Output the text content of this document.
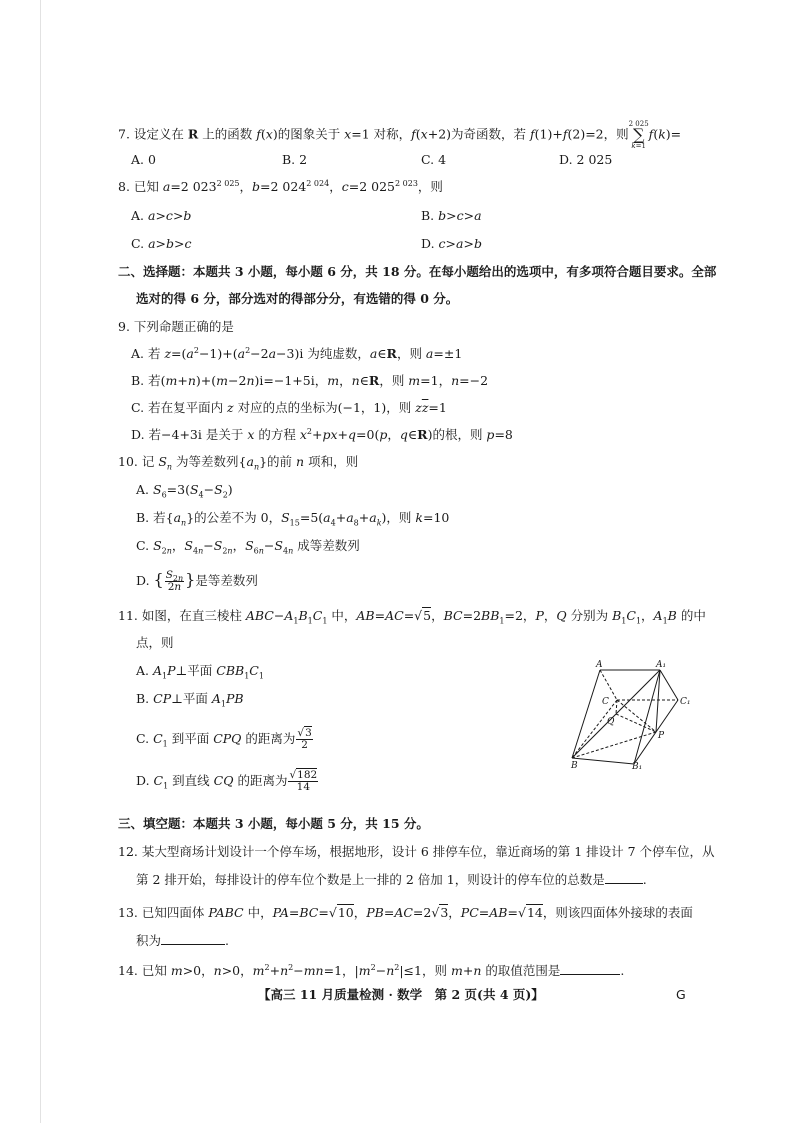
7. 设定义在 R 上的函数 f(x)的图象关于 x=1 对称，f(x+2)为奇函数，若 f(1)+f(2)=2，则2 025
∑
k=1f(k)=
A. 0	B. 2	C. 4	D. 2 025
8. 已知 a=2 $023^{2 025}$，b=2 $024^{2 024}$，c=2 $025^{2 023}$，则
A. a>c>b	B. b>c>a
C. a>b>c	D. c>a>b
二、选择题：本题共 3 小题，每小题 6 分，共 18 分。在每小题给出的选项中，有多项符合题目要求。全部
选对的得 6 分，部分选对的得部分分，有选错的得 0 分。
9. 下列命题正确的是
A. 若 $z=(a^2-1)+(a^2-2a-3)i$ 为纯虚数，a∈R，则 a=±1
B. 若(m+n)+(m−2n)i=−1+5i，m，n∈R，则 m=1，n=−2
C. 若在复平面内 z 对应的点的坐标为(−1，1)，则 $z\overline{z}=1$
D. 若−4+3i 是关于 x 的方程 $x^2+px+q=0(p$，q∈R)的根，则 p=8
10. 记 $S_n$ 为等差数列$\{a_n\}$的前 n 项和，则
A. $S_6=3(S_4-S_2)$
B. 若$\{a_n\}$的公差不为 0，$S_{15}=5(a_4+a_8+a_k)$，则 k=10
C. $S_{2n}$，$S_{4n}-S_{2n}$，$S_{6n}-S_{4n}$ 成等差数列
D. { $\frac{S_{2n}}{2n}$ }是等差数列
11. 如图，在直三棱柱 $ABC-A_1B_1C_1$ 中，AB=AC=√5，$BC=2BB_1=2$，P，Q 分别为 $B_1C_1$，$A_1B$ 的中
点，则
A. $A_1P\perp$平面 $CBB_1C_1$
B. CP⊥平面 $A_1PB$
C. $C_1$ 到平面 CPQ 的距离为 $\frac{√3}{2}$
D. $C_1$ 到直线 CQ 的距离为 $\frac{√182}{14}$
A	A₁
C	C₁
Q
P
B	B₁
三、填空题：本题共 3 小题，每小题 5 分，共 15 分。
12. 某大型商场计划设计一个停车场，根据地形，设计 6 排停车位，靠近商场的第 1 排设计 7 个停车位，从
第 2 排开始，每排设计的停车位个数是上一排的 2 倍加 1，则设计的停车位的总数是	.
13. 已知四面体 PABC 中，PA=BC=√10，PB=AC=2√3，PC=AB=√14，则该四面体外接球的表面
积为	.
14. 已知 m>0，n>0，$m^2+n^2-mn=1$，$|m^2-n^2|\le 1$，则 m+n 的取值范围是	.
【高三 11 月质量检测 · 数学　第 2 页(共 4 页)】	G
